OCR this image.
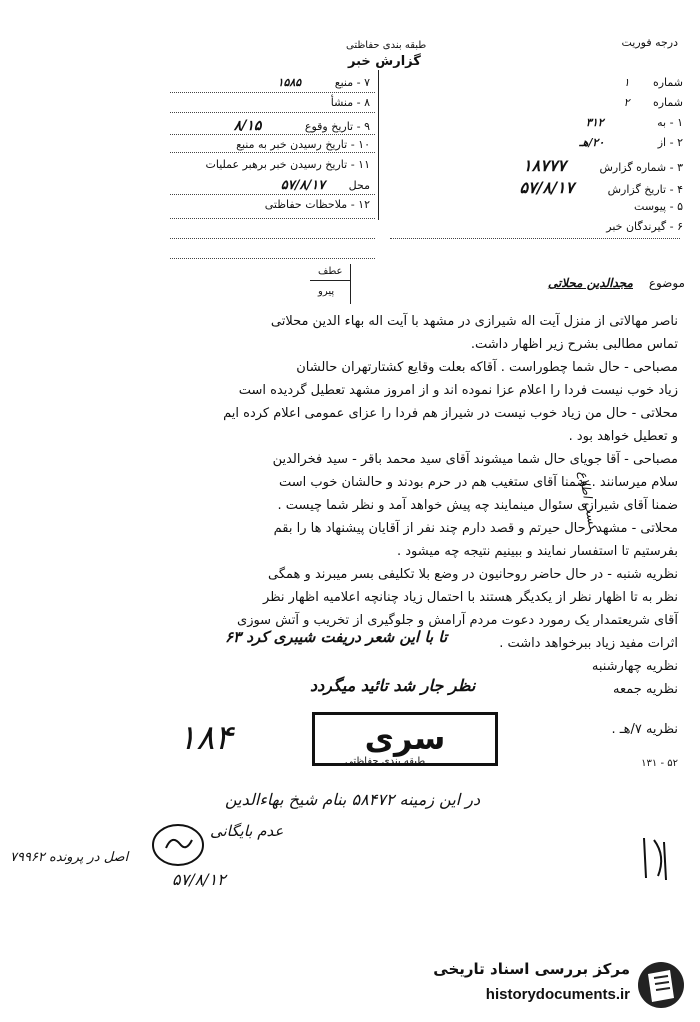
درجه فوریت
طبقه بندی حفاظتی
گزارش خبر
۷ - منبع ۱۵۸۵
۸ - منشأ
۹ - تاریخ وقوع ۸/۱۵
۱۰ - تاریخ رسیدن خبر به منبع
۱۱ - تاریخ رسیدن خبر برهبر عملیات
محل ۵۷/۸/۱۷
۱۲ - ملاحظات حفاظتی
شماره ۱
شماره ۲
۱ - به ۳۱۲
۲ - از ۲۰/هـ
۳ - شماره گزارش ۱۸۷۷۷
۴ - تاریخ گزارش ۵۷/۸/۱۷
۵ - پیوست
۶ - گیرندگان خبر
عطف
پیرو
موضوع مجدالدین محلاتی
ناصر مهالاتی از منزل آیت اله شیرازی در مشهد با آیت اله بهاء الدین محلاتی
تماس مطالبی بشرح زیر اظهار داشت.
مصباحی - حال شما چطوراست . آقاکه بعلت وقایع کشتارتهران حالشان
زیاد خوب نیست فردا را اعلام عزا نموده اند و از امروز مشهد تعطیل گردیده است
محلاتی - حال من زیاد خوب نیست در شیراز هم فردا را عزای عمومی اعلام کرده ایم
و تعطیل خواهد بود .
مصباحی - آقا جویای حال شما میشوند آقای سید محمد باقر - سید فخرالدین
سلام میرسانند . ضمنا آقای ستغیب هم در حرم بودند و حالشان خوب است
ضمنا آقای شیرازی سئوال مینمایند چه پیش خواهد آمد و نظر شما چیست .
محلاتی - مشهد رحال حیرتم و قصد دارم چند نفر از آقایان پیشنهاد ها را بقم
بفرستیم تا استفسار نمایند و ببینیم نتیجه چه میشود .
نظریه شنبه - در حال حاضر روحانیون در وضع بلا تکلیفی بسر میبرند و همگی
نظر به تا اظهار نظر از یکدیگر هستند با احتمال زیاد چنانچه اعلامیه اظهار نظر
آقای شریعتمدار یک رمورد دعوت مردم آرامش و جلوگیری از تخریب و آتش سوزی
اثرات مفید زیاد ببرخواهد داشت .
نظریه چهارشنبه
تا با این شعر دریفت شیبری کرد ۶۳
نظریه جمعه
نظر جار شد تائید میگردد
نظریه ۷/هـ .
۱۸۴
کسب اطلاع
سری
طبقه بندی حفاظتی	۱۳۱ - ۵۲
در این زمینه ۵۸۴۷۲ بنام شیخ بهاءالدین
عدم بایگانی
۵۷/۸/۱۲
اصل در پرونده ۷۹۹۶۲
مرکز بررسی اسناد تاریخی
historydocuments.ir
